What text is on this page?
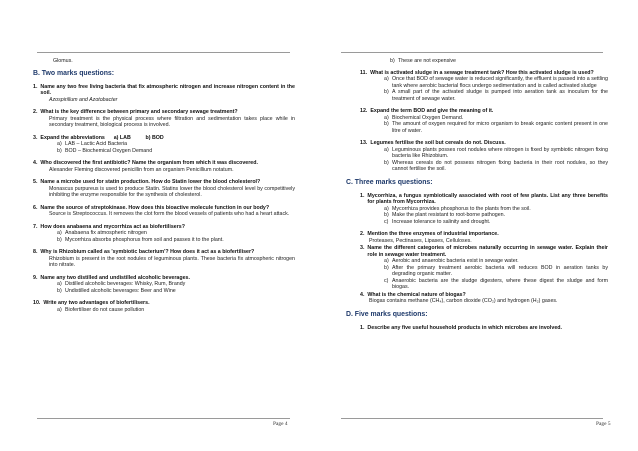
Glomus.
B. Two marks questions:
1. Name any two free living bacteria that fix atmospheric nitrogen and increase nitrogen content in the soil.
Azospirillum and Azotobacter
2. What is the key difference between primary and secondary sewage treatment?
Primary treatment is the physical process where filtration and sedimentation takes place while in secondary treatment, biological process is involved.
3. Expand the abbreviations      a) LAB          b) BOD
a) LAB – Lactic Acid Bacteria
b) BOD – Biochemical Oxygen Demand
4. Who discovered the first antibiotic? Name the organism from which it was discovered.
Alexander Fleming discovered penicillin from an organism Penicillium notatum.
5. Name a microbe used for statin production. How do Statin lower the blood cholesterol?
Monascus purpureus is used to produce Statin. Statins lower the blood cholesterol level by competitively inhibiting the enzyme responsible for the synthesis of cholesterol.
6. Name the source of streptokinase. How does this bioactive molecule function in our body?
Source is Streptococcus. It removes the clot form the blood vessels of patients who had a heart attack.
7. How does anabaena and mycorrhiza act as biofertilisers?
a) Anabaena fix atmospheric nitrogen
b) Mycorrhiza absorbs phosphorus from soil and passes it to the plant.
8. Why is Rhizobium called as 'symbiotic bacterium'? How does it act as a biofertiliser?
Rhizobium is present in the root nodules of leguminous plants. These bacteria fix atmospheric nitrogen into nitrate.
9. Name any two distilled and undistilled alcoholic beverages.
a) Distilled alcoholic beverages: Whisky, Rum, Brandy
b) Undistilled alcoholic beverages: Beer and Wine
10. Write any two advantages of biofertilisers.
a) Biofertiliser do not cause pollution
Page 4
b) These are not expensive
11. What is activated sludge in a sewage treatment tank? How this activated sludge is used?
a) Once that BOD of sewage water is reduced significantly, the effluent is passed into a settling tank where aerobic bacterial flocs undergo sedimentation and is called activated sludge
b) A small part of the activated sludge is pumped into aeration tank as inoculum for the treatment of sewage water.
12. Expand the term BOD and give the meaning of it.
a) Biochemical Oxygen Demand.
b) The amount of oxygen required for micro organism to break organic content present in one litre of water.
13. Legumes fertilise the soil but cereals do not. Discuss.
a) Leguminous plants posses root nodules where nitrogen is fixed by symbiotic nitrogen fixing bacteria like Rhizobium.
b) Whereas cereals do not possess nitrogen fixing bacteria in their root nodules, so they cannot fertilise the soil.
C. Three marks questions:
1. Mycorrhiza, a fungus symbiotically associated with root of few plants. List any three benefits for plants from Mycorrhiza.
a) Mycorrhiza provides phosphorus to the plants from the soil.
b) Make the plant resistant to root-borne pathogen.
c) Increase tolerance to salinity and drought.
2. Mention the three enzymes of industrial importance.
Proteases, Pectinases, Lipases, Celluloses.
3. Name the different categories of microbes naturally occurring in sewage water. Explain their role in sewage water treatment.
a) Aerobic and anaerobic bacteria exist in sewage water.
b) After the primary treatment aerobic bacteria will reduces BOD in aeration tanks by degrading organic matter.
c) Anaerobic bacteria are the sludge digesters, where these digest the sludge and form biogas.
4. What is the chemical nature of biogas?
Biogas contains methane (CH₄), carbon dioxide (CO₂) and hydrogen (H₂) gases.
D. Five marks questions:
1. Describe any five useful household products in which microbes are involved.
Page 5
